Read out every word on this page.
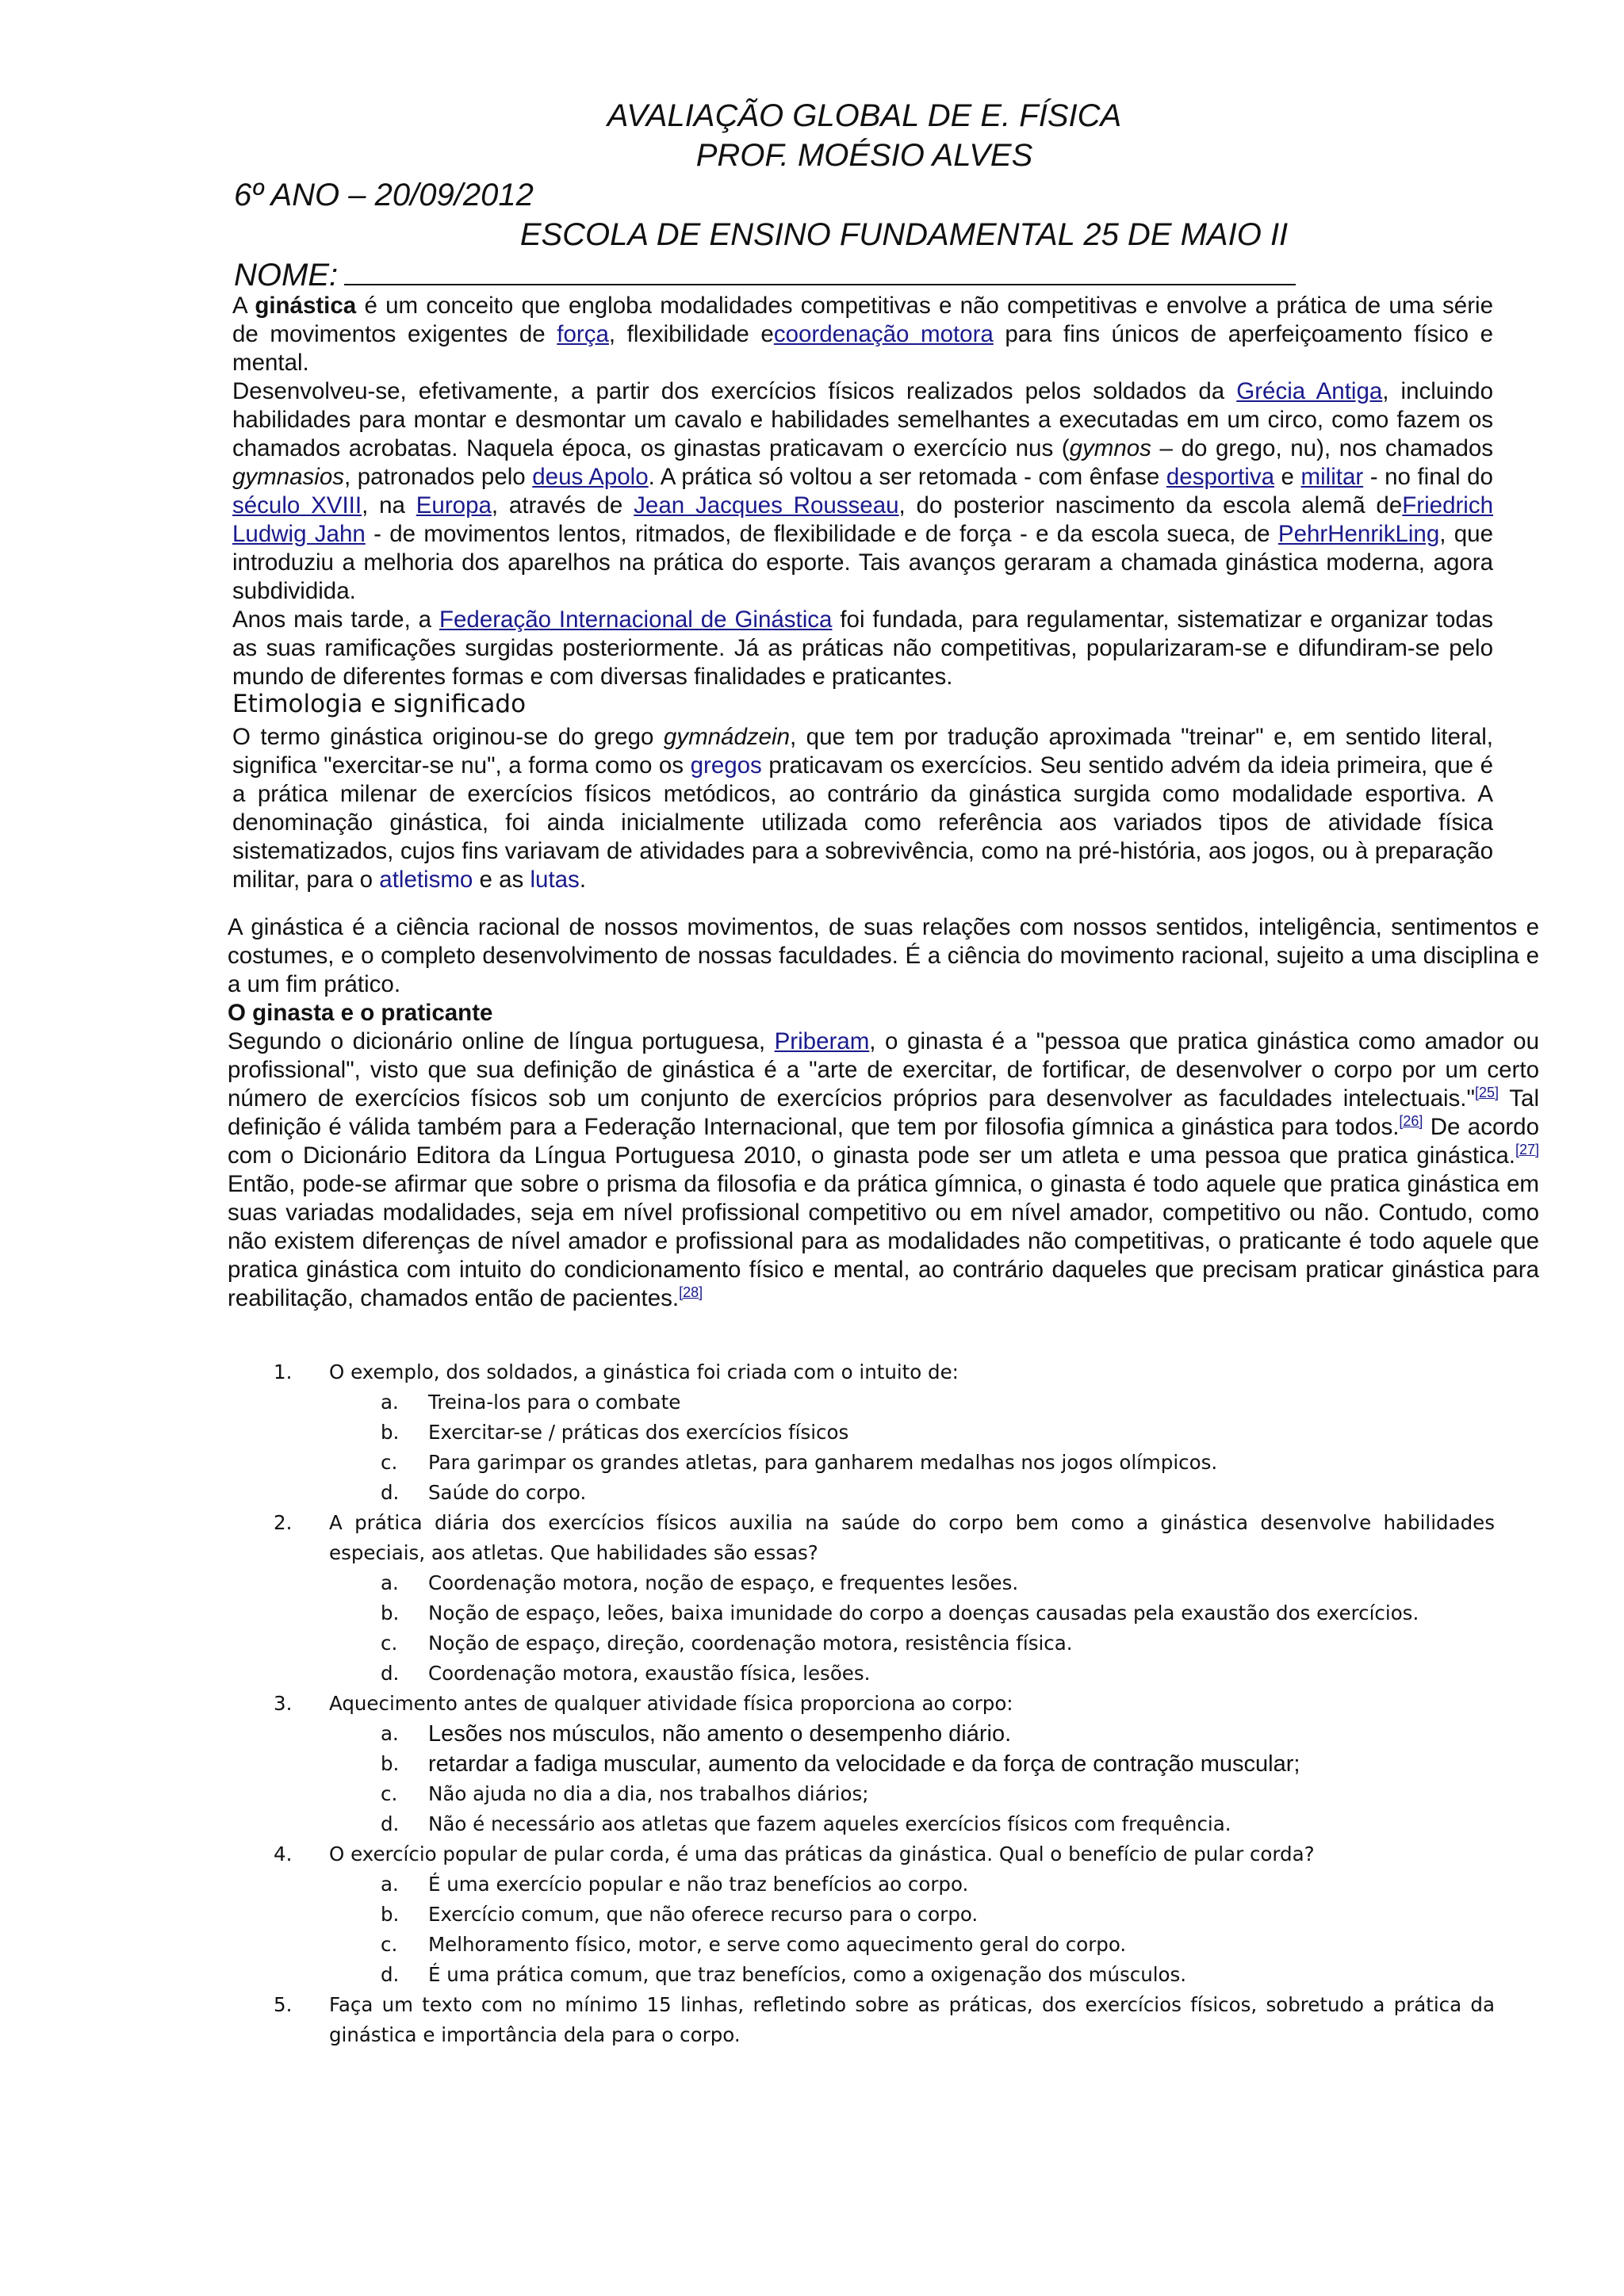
AVALIAÇÃO GLOBAL DE E. FÍSICA
PROF. MOÉSIO ALVES
6º ANO – 20/09/2012
ESCOLA DE ENSINO FUNDAMENTAL 25 DE MAIO II
NOME:

A ginástica é um conceito que engloba modalidades competitivas e não competitivas e envolve a prática de uma série de movimentos exigentes de força, flexibilidade ecoordenação motora para fins únicos de aperfeiçoamento físico e mental.

Desenvolveu-se, efetivamente, a partir dos exercícios físicos realizados pelos soldados da Grécia Antiga, incluindo habilidades para montar e desmontar um cavalo e habilidades semelhantes a executadas em um circo, como fazem os chamados acrobatas. Naquela época, os ginastas praticavam o exercício nus (gymnos – do grego, nu), nos chamados gymnasios, patronados pelo deus Apolo. A prática só voltou a ser retomada - com ênfase desportiva e militar - no final do século XVIII, na Europa, através de Jean Jacques Rousseau, do posterior nascimento da escola alemã deFriedrich Ludwig Jahn - de movimentos lentos, ritmados, de flexibilidade e de força - e da escola sueca, de PehrHenrikLing, que introduziu a melhoria dos aparelhos na prática do esporte. Tais avanços geraram a chamada ginástica moderna, agora subdividida.

Anos mais tarde, a Federação Internacional de Ginástica foi fundada, para regulamentar, sistematizar e organizar todas as suas ramificações surgidas posteriormente. Já as práticas não competitivas, popularizaram-se e difundiram-se pelo mundo de diferentes formas e com diversas finalidades e praticantes.

Etimologia e significado

O termo ginástica originou-se do grego gymnádzein, que tem por tradução aproximada "treinar" e, em sentido literal, significa "exercitar-se nu", a forma como os gregos praticavam os exercícios. Seu sentido advém da ideia primeira, que é a prática milenar de exercícios físicos metódicos, ao contrário da ginástica surgida como modalidade esportiva. A denominação ginástica, foi ainda inicialmente utilizada como referência aos variados tipos de atividade física sistematizados, cujos fins variavam de atividades para a sobrevivência, como na pré-história, aos jogos, ou à preparação militar, para o atletismo e as lutas.

A ginástica é a ciência racional de nossos movimentos, de suas relações com nossos sentidos, inteligência, sentimentos e costumes, e o completo desenvolvimento de nossas faculdades. É a ciência do movimento racional, sujeito a uma disciplina e a um fim prático.

O ginasta e o praticante

Segundo o dicionário online de língua portuguesa, Priberam, o ginasta é a "pessoa que pratica ginástica como amador ou profissional", visto que sua definição de ginástica é a "arte de exercitar, de fortificar, de desenvolver o corpo por um certo número de exercícios físicos sob um conjunto de exercícios próprios para desenvolver as faculdades intelectuais."[25] Tal definição é válida também para a Federação Internacional, que tem por filosofia gímnica a ginástica para todos.[26] De acordo com o Dicionário Editora da Língua Portuguesa 2010, o ginasta pode ser um atleta e uma pessoa que pratica ginástica.[27] Então, pode-se afirmar que sobre o prisma da filosofia e da prática gímnica, o ginasta é todo aquele que pratica ginástica em suas variadas modalidades, seja em nível profissional competitivo ou em nível amador, competitivo ou não. Contudo, como não existem diferenças de nível amador e profissional para as modalidades não competitivas, o praticante é todo aquele que pratica ginástica com intuito do condicionamento físico e mental, ao contrário daqueles que precisam praticar ginástica para reabilitação, chamados então de pacientes.[28]

1.	O exemplo, dos soldados, a ginástica foi criada com o intuito de:
a. Treina-los para o combate
b. Exercitar-se / práticas dos exercícios físicos
c. Para garimpar os grandes atletas, para ganharem medalhas nos jogos olímpicos.
d. Saúde do corpo.
2.	A prática diária dos exercícios físicos auxilia na saúde do corpo bem como a ginástica desenvolve habilidades especiais, aos atletas. Que habilidades são essas?
a. Coordenação motora, noção de espaço, e frequentes lesões.
b. Noção de espaço, leões, baixa imunidade do corpo a doenças causadas pela exaustão dos exercícios.
c. Noção de espaço, direção, coordenação motora, resistência física.
d. Coordenação motora, exaustão física, lesões.
3.	Aquecimento antes de qualquer atividade física proporciona ao corpo:
a. Lesões nos músculos, não amento o desempenho diário.
b. retardar a fadiga muscular, aumento da velocidade e da força de contração muscular;
c. Não ajuda no dia a dia, nos trabalhos diários;
d. Não é necessário aos atletas que fazem aqueles exercícios físicos com frequência.
4.	O exercício popular de pular corda, é uma das práticas da ginástica. Qual o benefício de pular corda?
a. É uma exercício popular e não traz benefícios ao corpo.
b. Exercício comum, que não oferece recurso para o corpo.
c. Melhoramento físico, motor, e serve como aquecimento geral do corpo.
d. É uma prática comum, que traz benefícios, como a oxigenação dos músculos.
5.	Faça um texto com no mínimo 15 linhas, refletindo sobre as práticas, dos exercícios físicos, sobretudo a prática da ginástica e importância dela para o corpo.
